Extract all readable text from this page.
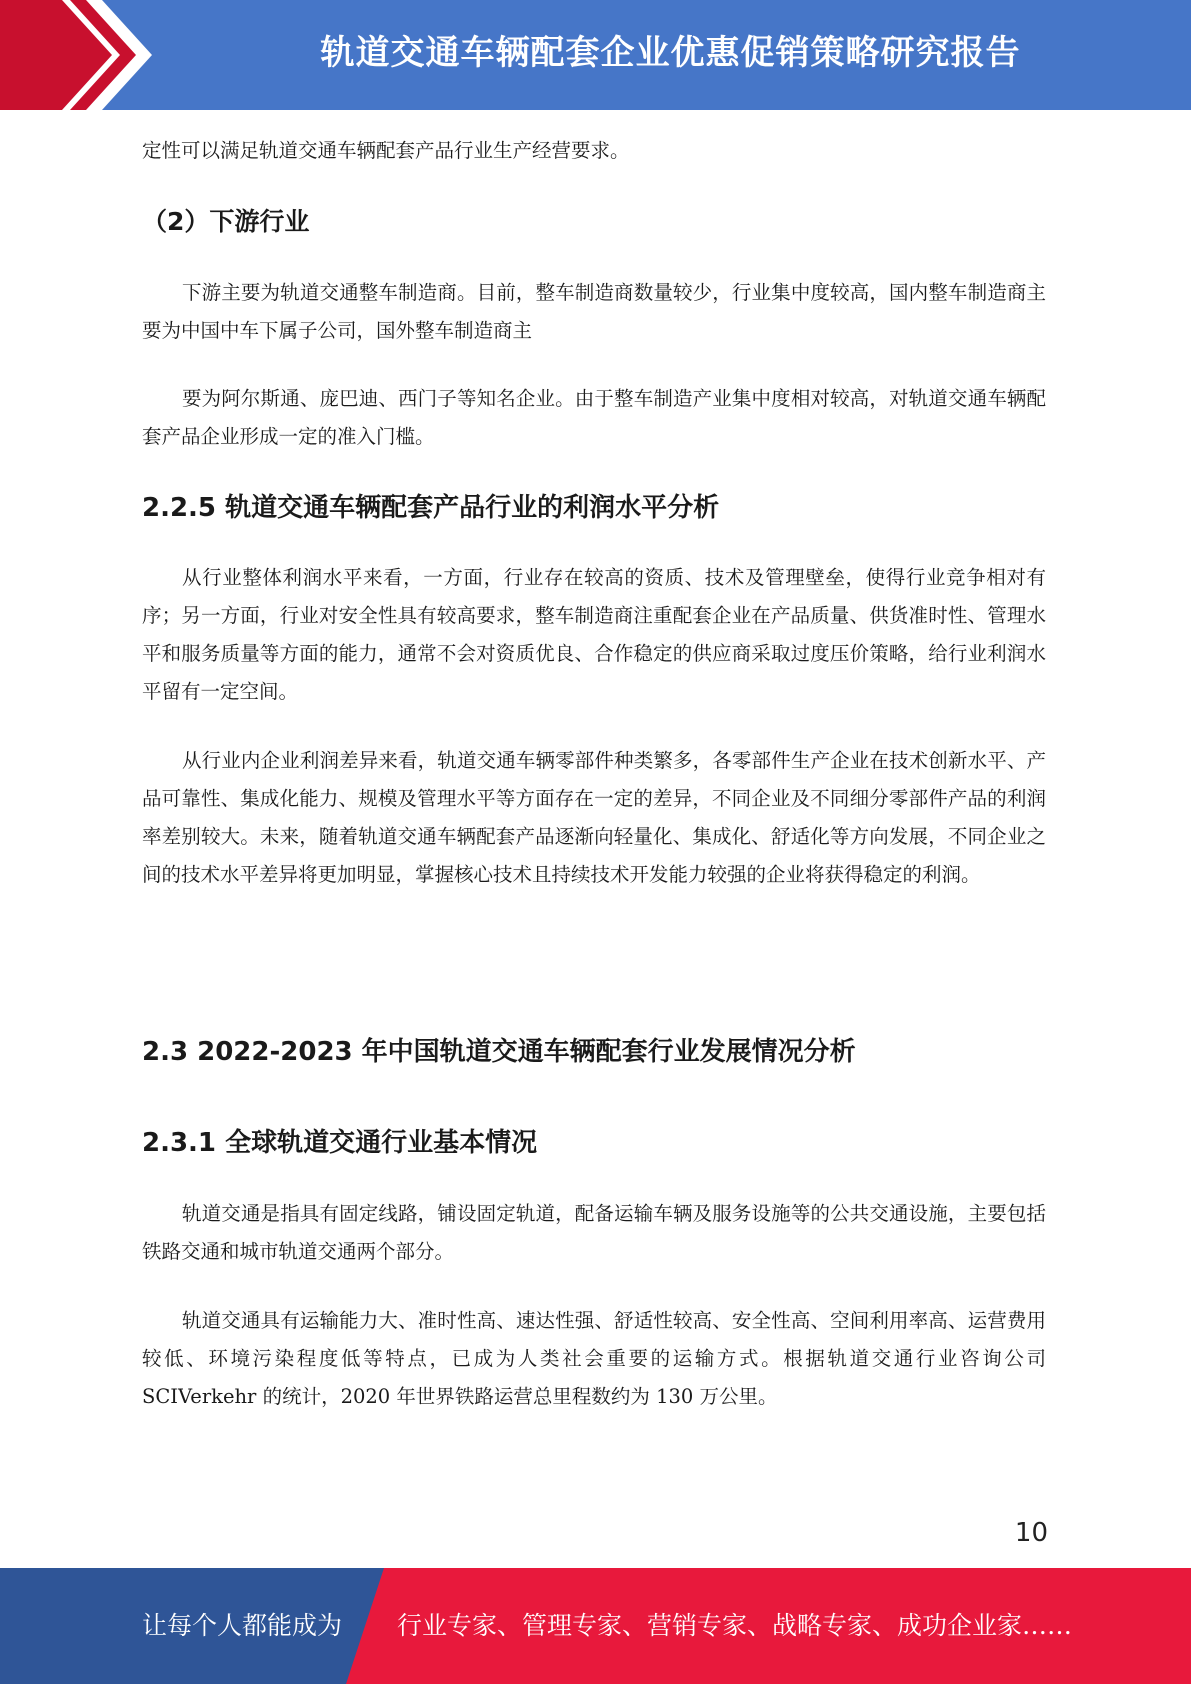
轨道交通车辆配套企业优惠促销策略研究报告

定性可以满足轨道交通车辆配套产品行业生产经营要求。

（2）下游行业

下游主要为轨道交通整车制造商。目前，整车制造商数量较少，行业集中度较高，国内整车制造商主要为中国中车下属子公司，国外整车制造商主

要为阿尔斯通、庞巴迪、西门子等知名企业。由于整车制造产业集中度相对较高，对轨道交通车辆配套产品企业形成一定的准入门槛。

2.2.5 轨道交通车辆配套产品行业的利润水平分析

从行业整体利润水平来看，一方面，行业存在较高的资质、技术及管理壁垒，使得行业竞争相对有序；另一方面，行业对安全性具有较高要求，整车制造商注重配套企业在产品质量、供货准时性、管理水平和服务质量等方面的能力，通常不会对资质优良、合作稳定的供应商采取过度压价策略，给行业利润水平留有一定空间。

从行业内企业利润差异来看，轨道交通车辆零部件种类繁多，各零部件生产企业在技术创新水平、产品可靠性、集成化能力、规模及管理水平等方面存在一定的差异，不同企业及不同细分零部件产品的利润率差别较大。未来，随着轨道交通车辆配套产品逐渐向轻量化、集成化、舒适化等方向发展，不同企业之间的技术水平差异将更加明显，掌握核心技术且持续技术开发能力较强的企业将获得稳定的利润。

2.3 2022-2023 年中国轨道交通车辆配套行业发展情况分析
2.3.1 全球轨道交通行业基本情况

轨道交通是指具有固定线路，铺设固定轨道，配备运输车辆及服务设施等的公共交通设施，主要包括铁路交通和城市轨道交通两个部分。

轨道交通具有运输能力大、准时性高、速达性强、舒适性较高、安全性高、空间利用率高、运营费用较低、环境污染程度低等特点，已成为人类社会重要的运输方式。根据轨道交通行业咨询公司 SCIVerkehr 的统计，2020 年世界铁路运营总里程数约为 130 万公里。

10
让每个人都能成为 行业专家、管理专家、营销专家、战略专家、成功企业家……
